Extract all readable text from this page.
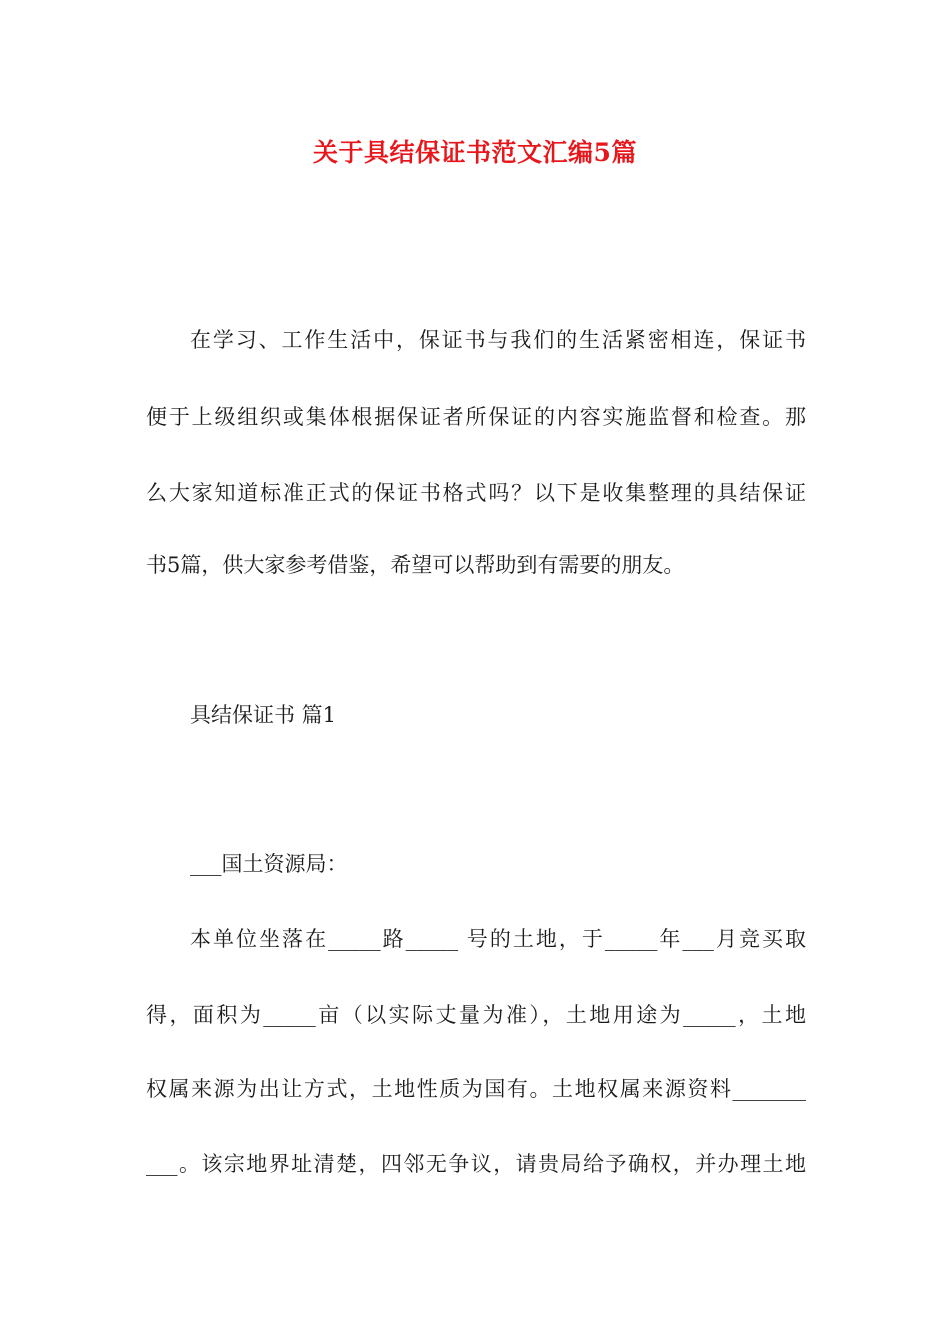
关于具结保证书范文汇编5篇
在学习、工作生活中，保证书与我们的生活紧密相连，保证书
便于上级组织或集体根据保证者所保证的内容实施监督和检查。那
么大家知道标准正式的保证书格式吗？以下是收集整理的具结保证
书5篇，供大家参考借鉴，希望可以帮助到有需要的朋友。
具结保证书 篇1
___国土资源局：
本单位坐落在_____路_____ 号的土地，于_____年___月竞买取
得，面积为_____亩（以实际丈量为准），土地用途为_____，土地
权属来源为出让方式，土地性质为国有。土地权属来源资料_______
___。该宗地界址清楚，四邻无争议，请贵局给予确权，并办理土地
